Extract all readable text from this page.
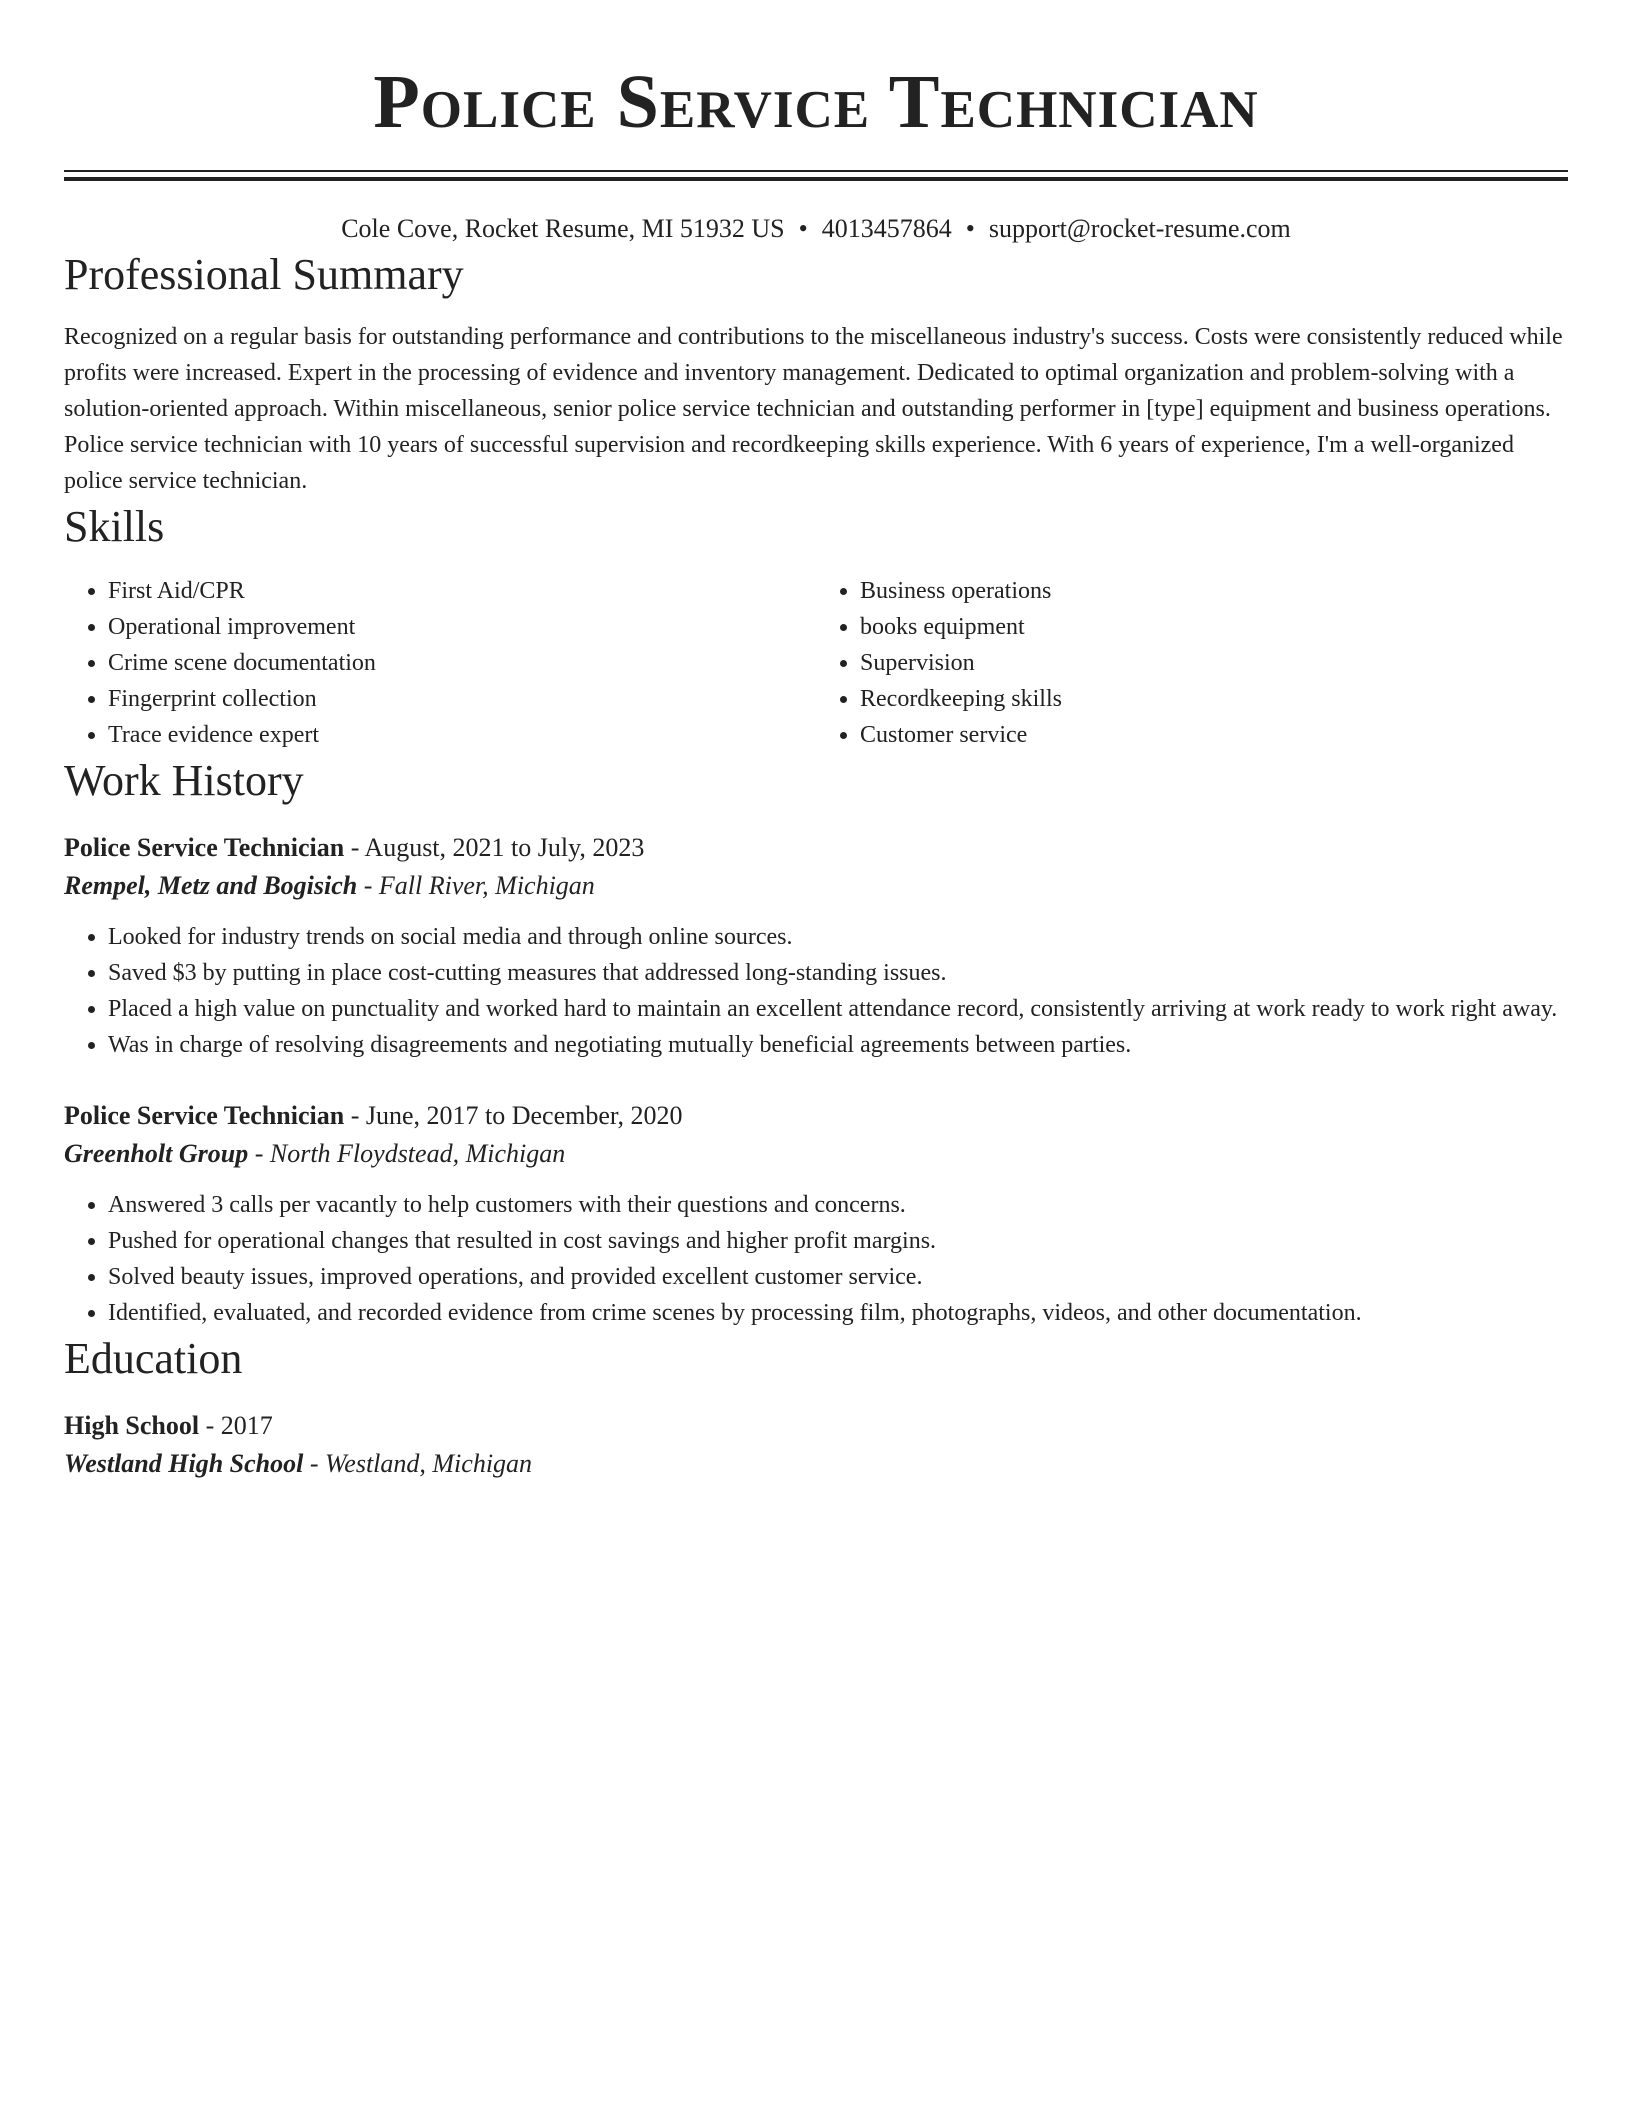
Police Service Technician
Cole Cove, Rocket Resume, MI 51932 US • 4013457864 • support@rocket-resume.com
Professional Summary

Recognized on a regular basis for outstanding performance and contributions to the miscellaneous industry's success. Costs were consistently reduced while profits were increased. Expert in the processing of evidence and inventory management. Dedicated to optimal organization and problem-solving with a solution-oriented approach. Within miscellaneous, senior police service technician and outstanding performer in [type] equipment and business operations. Police service technician with 10 years of successful supervision and recordkeeping skills experience. With 6 years of experience, I'm a well-organized police service technician.

Skills
• First Aid/CPR
• Operational improvement
• Crime scene documentation
• Fingerprint collection
• Trace evidence expert
• Business operations
• books equipment
• Supervision
• Recordkeeping skills
• Customer service
Work History
Police Service Technician - August, 2021 to July, 2023
Rempel, Metz and Bogisich - Fall River, Michigan
• Looked for industry trends on social media and through online sources.
• Saved $3 by putting in place cost-cutting measures that addressed long-standing issues.
• Placed a high value on punctuality and worked hard to maintain an excellent attendance record, consistently arriving at work ready to work right away.
• Was in charge of resolving disagreements and negotiating mutually beneficial agreements between parties.
Police Service Technician - June, 2017 to December, 2020
Greenholt Group - North Floydstead, Michigan
• Answered 3 calls per vacantly to help customers with their questions and concerns.
• Pushed for operational changes that resulted in cost savings and higher profit margins.
• Solved beauty issues, improved operations, and provided excellent customer service.
• Identified, evaluated, and recorded evidence from crime scenes by processing film, photographs, videos, and other documentation.
Education
High School - 2017
Westland High School - Westland, Michigan
